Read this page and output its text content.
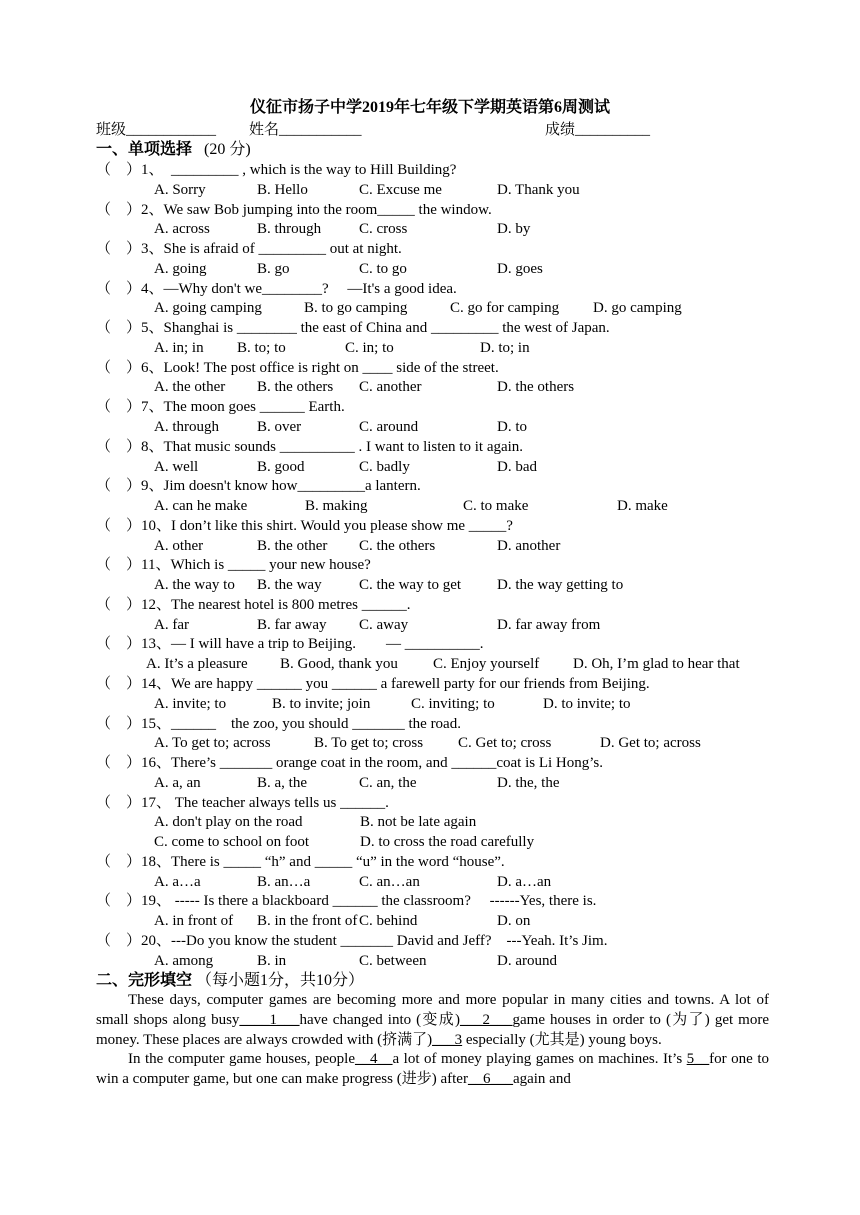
仪征市扬子中学2019年七年级下学期英语第6周测试
班级____________ 姓名___________	成绩__________
一、单项选择 (20 分)
（　）1、　_________ , which is the way to Hill Building?
A. Sorry	B. Hello	C. Excuse me	D. Thank you
（　）2、We saw Bob jumping into the room_____ the window.
A. across	B. through	C. cross	D. by
（　）3、She is afraid of _________ out at night.
A. going	B. go	C. to go	D. goes
（　）4、—Why don't we________?　 —It's a good idea.
A. going camping	B. to go camping	C. go for camping D. go camping
（　）5、Shanghai is ________ the east of China and _________ the west of Japan.
A. in; in B. to; to	C. in; to	D. to; in
（　）6、Look! The post office is right on ____ side of the street.
A. the other B. the others C. another	D. the others
（　）7、The moon goes ______ Earth.
A. through	B. over	C. around	D. to
（　）8、That music sounds __________ . I want to listen to it again.
A. well	B. good	C. badly	D. bad
（　）9、Jim doesn't know how_________a lantern.
A. can he make	B. making	C. to make	D. make
（　）10、I don’t like this shirt. Would you please show me _____?
A. other	B. the other C. the others	D. another
（　）11、Which is _____ your new house?
A. the way to B. the way C. the way to get D. the way getting to
（　）12、The nearest hotel is 800 metres ______.
A. far	B. far away C. away	D. far away from
（　）13、— I will have a trip to Beijing.　　— __________.
A. It’s a pleasure B. Good, thank you C. Enjoy yourself D. Oh, I’m glad to hear that
（　）14、We are happy ______ you ______ a farewell party for our friends from Beijing.
A. invite; to	B. to invite; join	C. inviting; to	D. to invite; to
（　）15、______　the zoo, you should _______ the road.
A. To get to; across	B. To get to; cross C. Get to; cross	D. Get to; across
（　）16、There’s _______ orange coat in the room, and ______coat is Li Hong’s.
A. a, an	B. a, the	C. an, the	D. the, the
（　）17、 The teacher always tells us ______.
A. don't play on the road	B. not be late again
C. come to school on foot	D. to cross the road carefully
（　）18、There is _____ “h” and _____ “u” in the word “house”.
A. a…a	B. an…a	C. an…an	D. a…an
（　）19、 ----- Is there a blackboard ______ the classroom?　 ------Yes, there is.
A. in front of B. in the front of C. behind	D. on
（　）20、---Do you know the student _______ David and Jeff?　---Yeah. It’s Jim.
A. among	B. in	C. between	D. around
二、完形填空 （每小题1分，共10分）

These days, computer games are becoming more and more popular in many cities and towns. A lot of small shops along busy____1___have changed into (变成)___2___game houses in order to (为了) get more money. These places are always crowded with (挤满了)___3 especially (尤其是) young boys.

In the computer game houses, people__4__a lot of money playing games on machines. It’s 5__for one to win a computer game, but one can make progress (进步) after__6___again and
